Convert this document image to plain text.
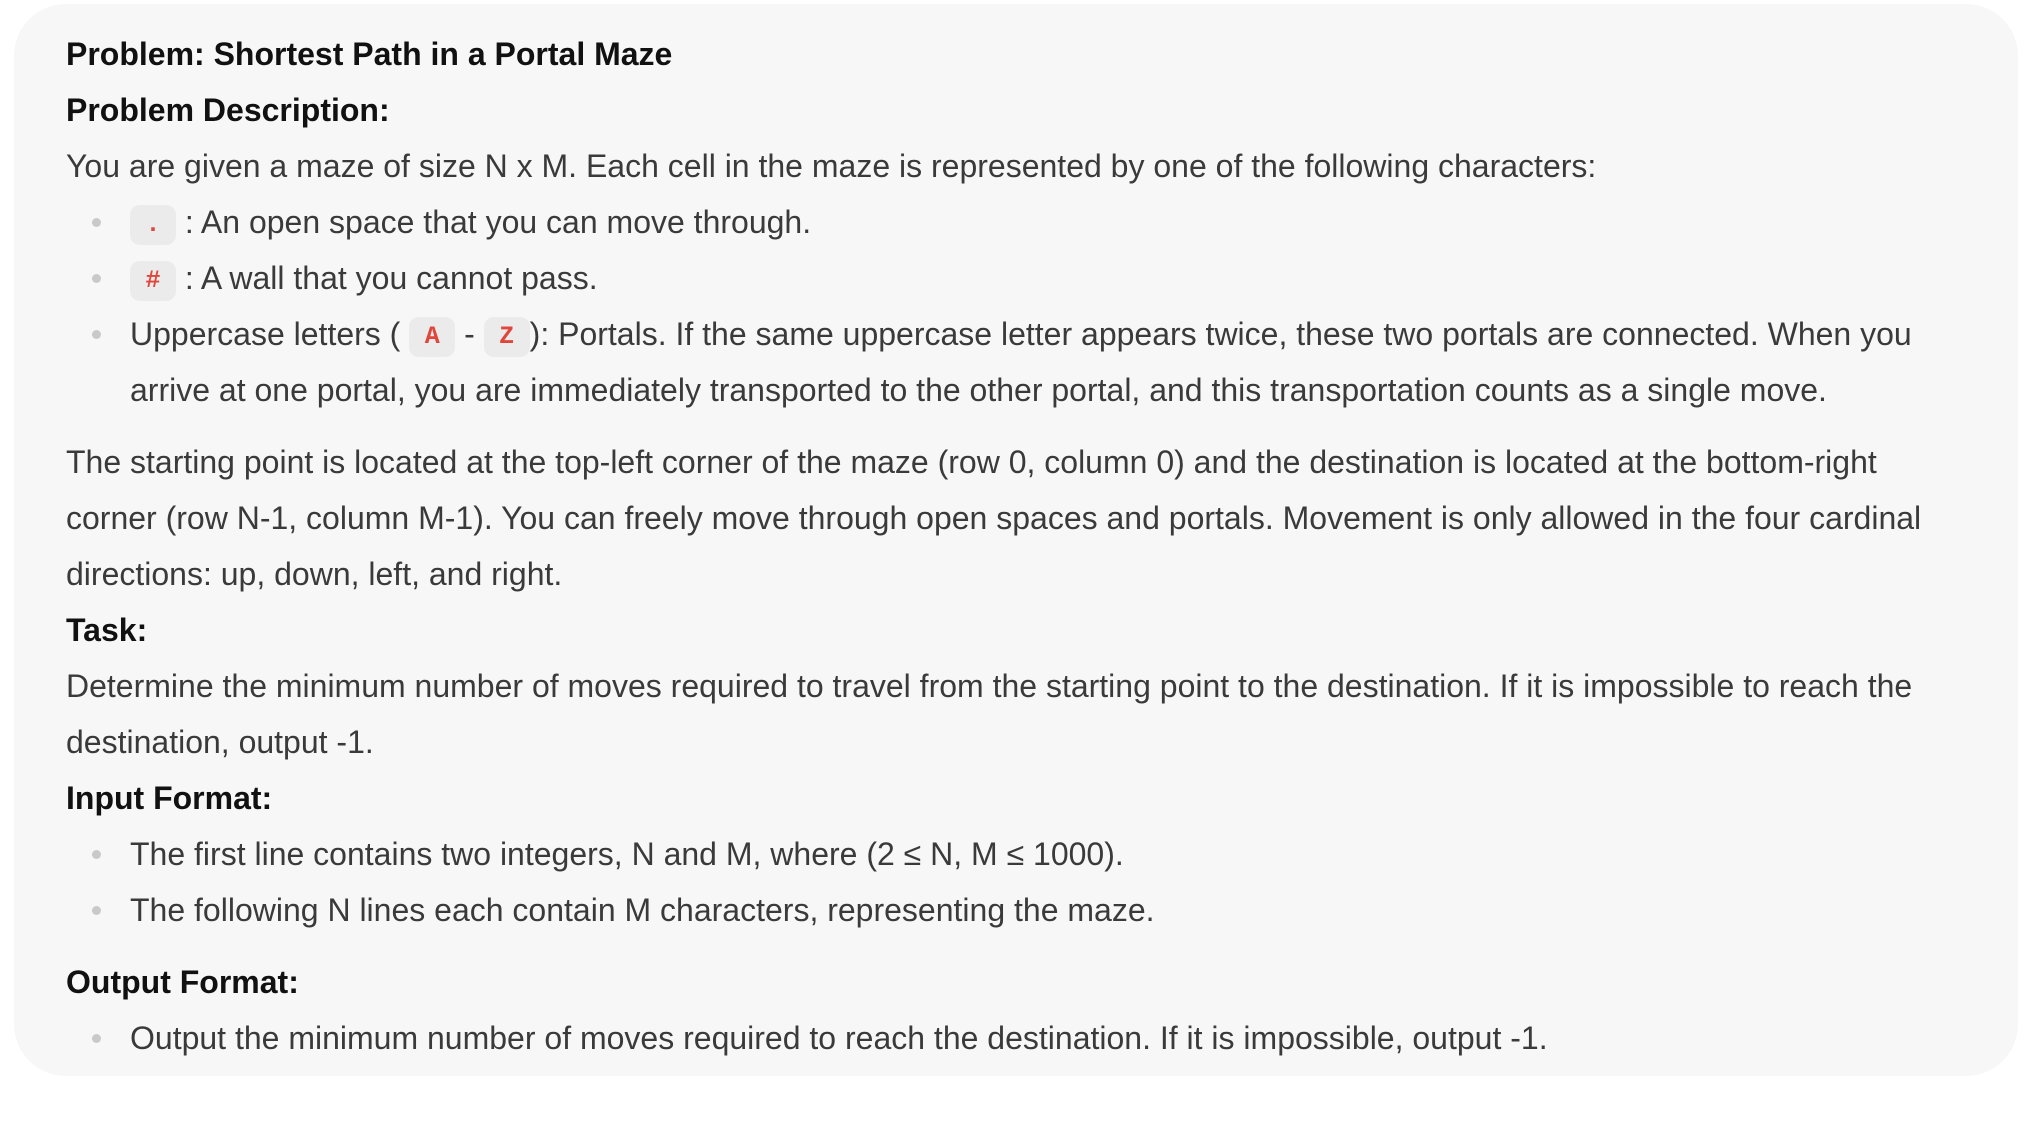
Problem: Shortest Path in a Portal Maze
Problem Description:
You are given a maze of size N x M. Each cell in the maze is represented by one of the following characters:
. : An open space that you can move through.
# : A wall that you cannot pass.
Uppercase letters ( A - Z ): Portals. If the same uppercase letter appears twice, these two portals are connected. When you arrive at one portal, you are immediately transported to the other portal, and this transportation counts as a single move.
The starting point is located at the top-left corner of the maze (row 0, column 0) and the destination is located at the bottom-right corner (row N-1, column M-1). You can freely move through open spaces and portals. Movement is only allowed in the four cardinal directions: up, down, left, and right.
Task:
Determine the minimum number of moves required to travel from the starting point to the destination. If it is impossible to reach the destination, output -1.
Input Format:
The first line contains two integers, N and M, where (2 ≤ N, M ≤ 1000).
The following N lines each contain M characters, representing the maze.
Output Format:
Output the minimum number of moves required to reach the destination. If it is impossible, output -1.
